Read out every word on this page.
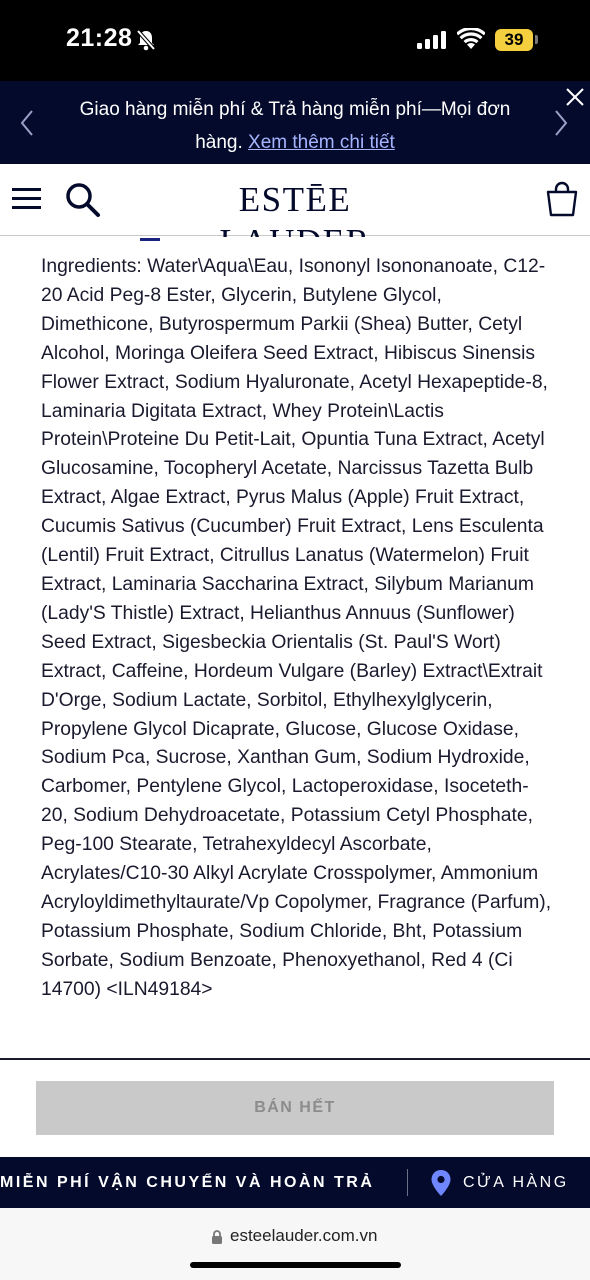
21:28	39
Giao hàng miễn phí & Trả hàng miễn phí—Mọi đơn hàng. Xem thêm chi tiết
ESTĒE

Ingredients: Water\Aqua\Eau, Isononyl Isononanoate, C12-20 Acid Peg-8 Ester, Glycerin, Butylene Glycol, Dimethicone, Butyrospermum Parkii (Shea) Butter, Cetyl Alcohol, Moringa Oleifera Seed Extract, Hibiscus Sinensis Flower Extract, Sodium Hyaluronate, Acetyl Hexapeptide-8, Laminaria Digitata Extract, Whey Protein\Lactis Protein\Proteine Du Petit-Lait, Opuntia Tuna Extract, Acetyl Glucosamine, Tocopheryl Acetate, Narcissus Tazetta Bulb Extract, Algae Extract, Pyrus Malus (Apple) Fruit Extract, Cucumis Sativus (Cucumber) Fruit Extract, Lens Esculenta (Lentil) Fruit Extract, Citrullus Lanatus (Watermelon) Fruit Extract, Laminaria Saccharina Extract, Silybum Marianum (Lady'S Thistle) Extract, Helianthus Annuus (Sunflower) Seed Extract, Sigesbeckia Orientalis (St. Paul'S Wort) Extract, Caffeine, Hordeum Vulgare (Barley) Extract\Extrait D'Orge, Sodium Lactate, Sorbitol, Ethylhexylglycerin, Propylene Glycol Dicaprate, Glucose, Glucose Oxidase, Sodium Pca, Sucrose, Xanthan Gum, Sodium Hydroxide, Carbomer, Pentylene Glycol, Lactoperoxidase, Isoceteth-20, Sodium Dehydroacetate, Potassium Cetyl Phosphate, Peg-100 Stearate, Tetrahexyldecyl Ascorbate, Acrylates/C10-30 Alkyl Acrylate Crosspolymer, Ammonium Acryloyldimethyltaurate/Vp Copolymer, Fragrance (Parfum), Potassium Phosphate, Sodium Chloride, Bht, Potassium Sorbate, Sodium Benzoate, Phenoxyethanol, Red 4 (Ci 14700) <ILN49184>

BÁN HẾT
MIỄN PHÍ VẬN CHUYỂN VÀ HOÀN TRẢ	CỬA HÀNG
esteelauder.com.vn
